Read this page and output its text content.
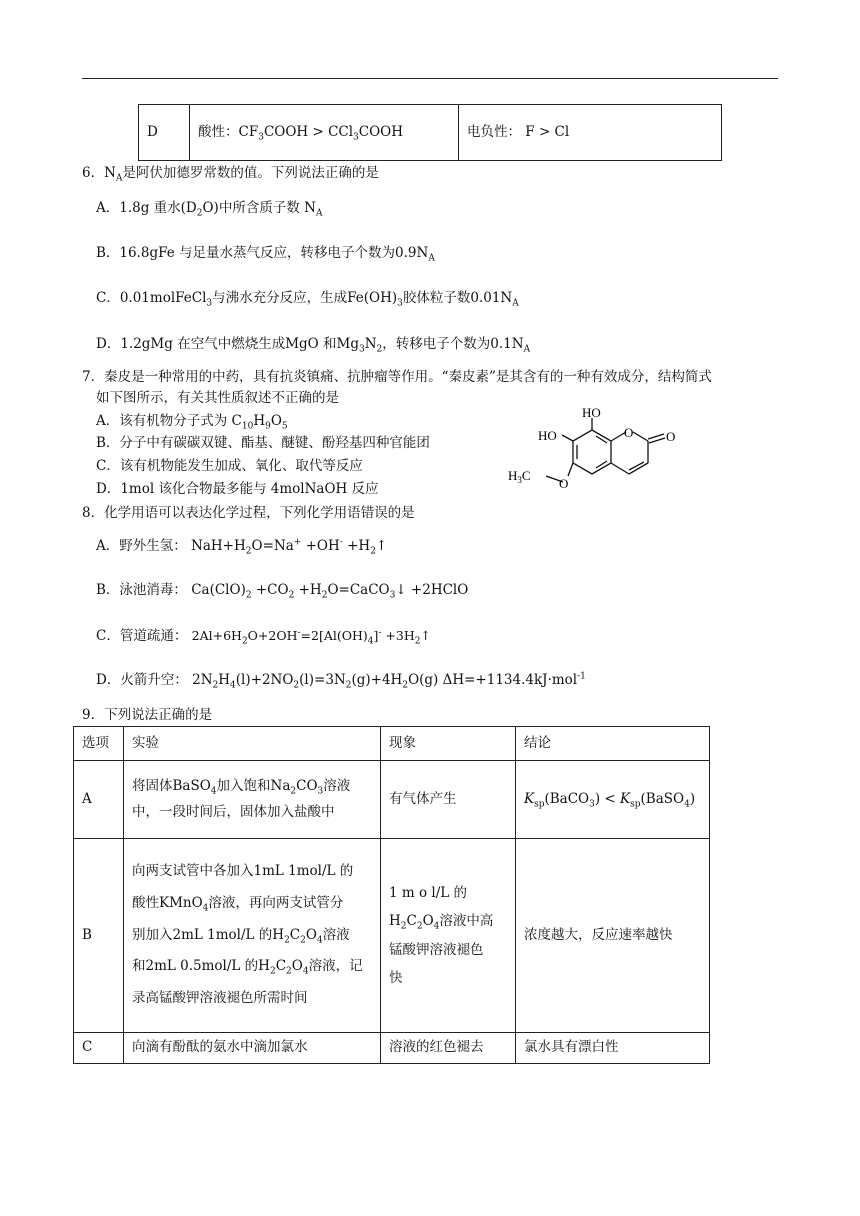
D	酸性：$CF_3COOH$ > CCl$_3$COOH	电负性： F > Cl
6．$N_A$是阿伏加德罗常数的值。下列说法正确的是
A．1.8g 重水$(D_2O)$中所含质子数 $N_A$
B．16.8gFe 与足量水蒸气反应，转移电子个数为$0.9N_A$
C．0.01molFeCl$_3$与沸水充分反应，生成$Fe(OH)_3$胶体粒子数$0.01N_A$
D．1.2gMg 在空气中燃烧生成MgO 和$Mg_3N_2$，转移电子个数为$0.1N_A$
7．秦皮是一种常用的中药，具有抗炎镇痛、抗肿瘤等作用。“秦皮素”是其含有的一种有效成分，结构简式
如下图所示，有关其性质叙述不正确的是
A．该有机物分子式为 $C_{10}H_9O_5$
B．分子中有碳碳双键、酯基、醚键、酚羟基四种官能团
C．该有机物能发生加成、氧化、取代等反应
D．1mol 该化合物最多能与 4molNaOH 反应
HO
HO	O	O
O
$H_3C$
8．化学用语可以表达化学过程，下列化学用语错误的是
A．野外生氢： $NaH+H_2O=Na^+ +OH^-$ $+H_2↑$
B．泳池消毒： $Ca(ClO)_2 +CO_2$ $+H_2O=CaCO_3↓$ +2HClO
C．管道疏通： $2Al+6H_2O+2OH^-=2[Al(OH)_4]^-$ $+3H_2↑$
D．火箭升空： $2N_2H_4(l)+2NO_2(l)=3N_2(g)+4H_2O(g)$ ΔH=+1134.4kJ·mol$^{-1}$
9．下列说法正确的是
选项	实验	现象	结论
A	将固体BaSO$_4$加入饱和$Na_2CO_3$溶液
中，一段时间后，固体加入盐酸中	有气体产生	$K_{sp}(BaCO_3)$ < $K_{sp}(BaSO_4)$
B	向两支试管中各加入1mL 1mol/L 的
酸性KMnO$_4$溶液，再向两支试管分
别加入2mL 1mol/L 的$H_2C_2O_4$溶液
和2mL 0.5mol/L 的$H_2C_2O_4$溶液，记
录高锰酸钾溶液褪色所需时间	1 m o l/L 的
$H_2C_2O_4$溶液中高
锰酸钾溶液褪色
快	浓度越大，反应速率越快
C	向滴有酚酞的氨水中滴加氯水	溶液的红色褪去	氯水具有漂白性
